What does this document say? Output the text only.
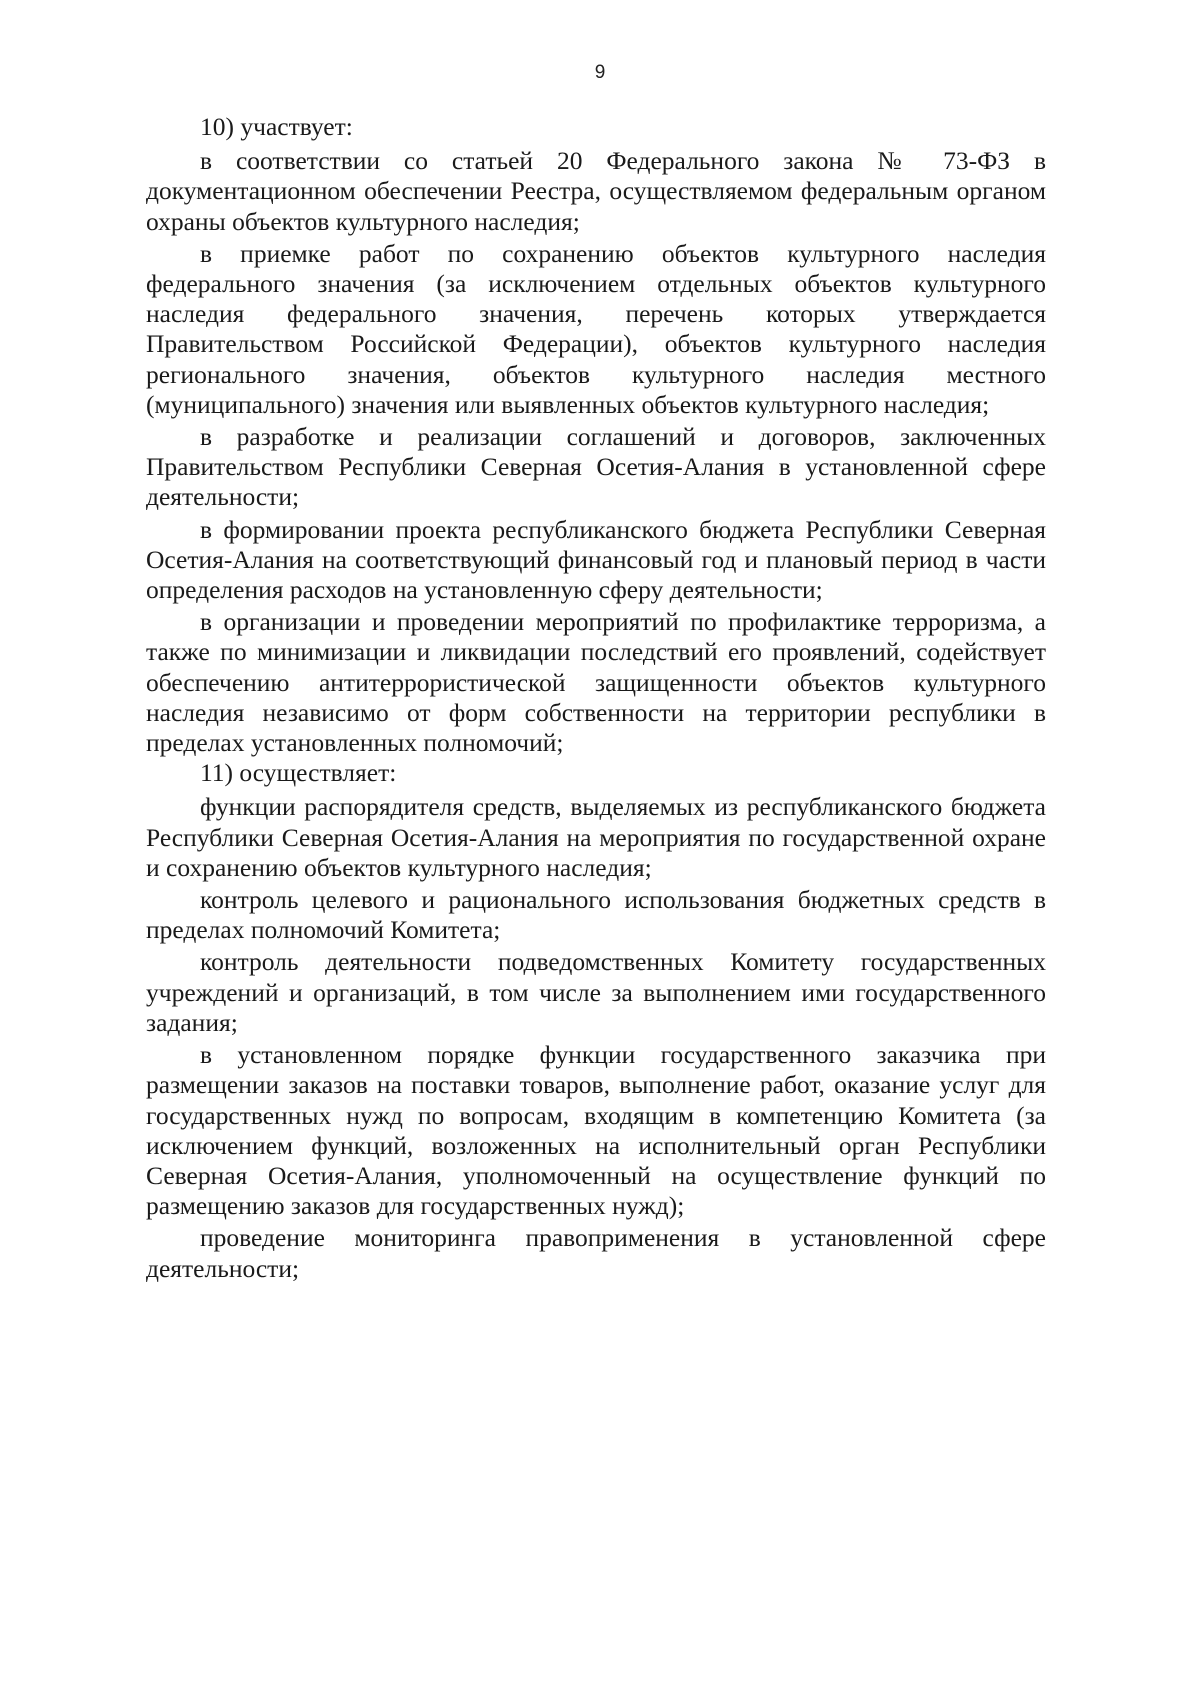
9

10) участвует:

в соответствии со статьей 20 Федерального закона № 73-ФЗ в документационном обеспечении Реестра, осуществляемом федеральным органом охраны объектов культурного наследия;

в приемке работ по сохранению объектов культурного наследия федерального значения (за исключением отдельных объектов культурного наследия федерального значения, перечень которых утверждается Правительством Российской Федерации), объектов культурного наследия регионального значения, объектов культурного наследия местного (муниципального) значения или выявленных объектов культурного наследия;

в разработке и реализации соглашений и договоров, заключенных Правительством Республики Северная Осетия-Алания в установленной сфере деятельности;

в формировании проекта республиканского бюджета Республики Северная Осетия-Алания на соответствующий финансовый год и плановый период в части определения расходов на установленную сферу деятельности;

в организации и проведении мероприятий по профилактике терроризма, а также по минимизации и ликвидации последствий его проявлений, содействует обеспечению антитеррористической защищенности объектов культурного наследия независимо от форм собственности на территории республики в пределах установленных полномочий;

11) осуществляет:

функции распорядителя средств, выделяемых из республиканского бюджета Республики Северная Осетия-Алания на мероприятия по государственной охране и сохранению объектов культурного наследия;

контроль целевого и рационального использования бюджетных средств в пределах полномочий Комитета;

контроль деятельности подведомственных Комитету государственных учреждений и организаций, в том числе за выполнением ими государственного задания;

в установленном порядке функции государственного заказчика при размещении заказов на поставки товаров, выполнение работ, оказание услуг для государственных нужд по вопросам, входящим в компетенцию Комитета (за исключением функций, возложенных на исполнительный орган Республики Северная Осетия-Алания, уполномоченный на осуществление функций по размещению заказов для государственных нужд);

проведение мониторинга правоприменения в установленной сфере деятельности;
